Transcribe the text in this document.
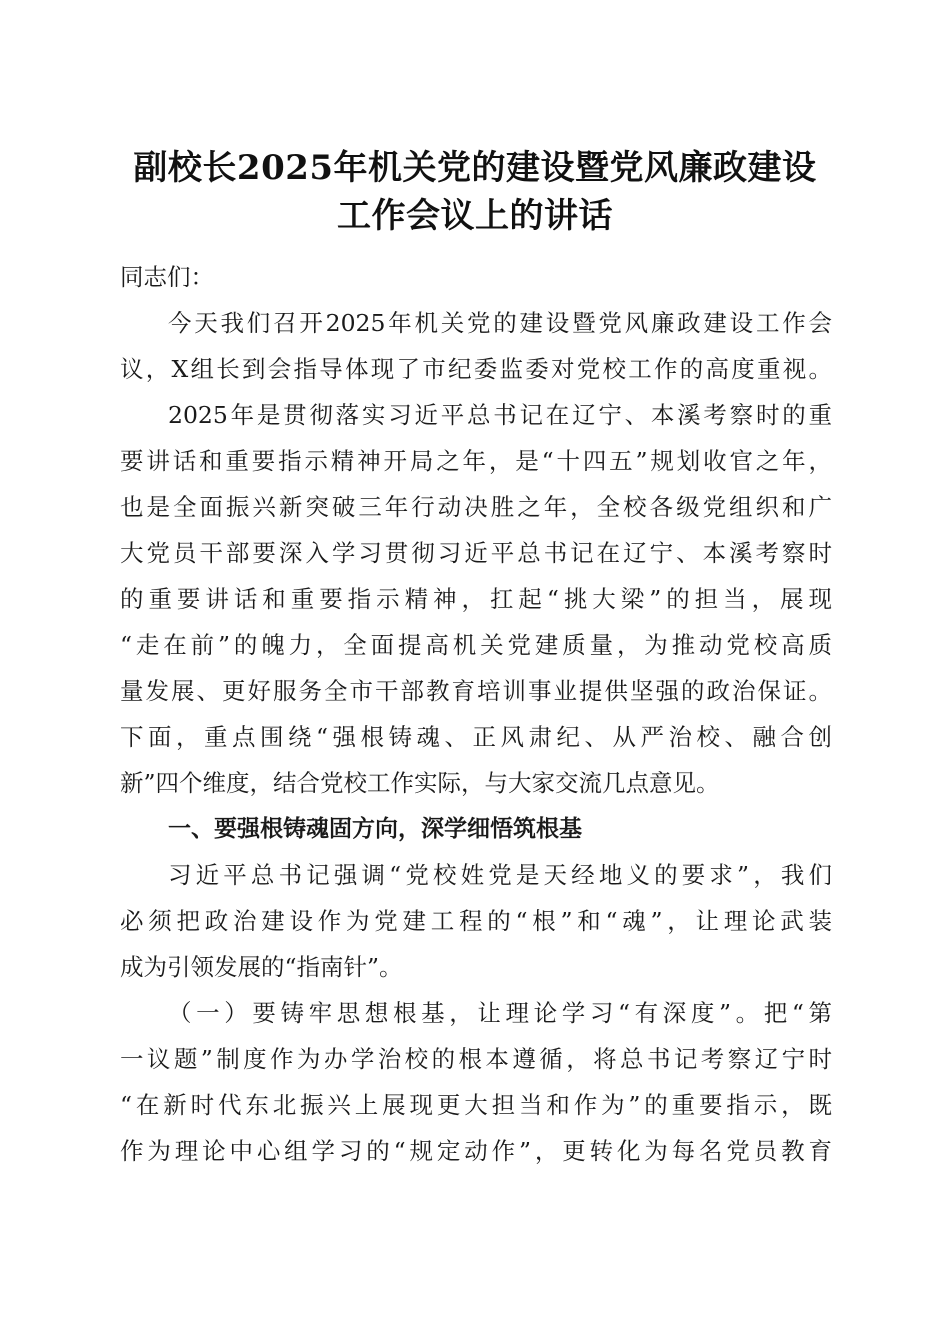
副校长2025年机关党的建设暨党风廉政建设
工作会议上的讲话
同志们：
今天我们召开2025年机关党的建设暨党风廉政建设工作会
议，X组长到会指导体现了市纪委监委对党校工作的高度重视。
2025年是贯彻落实习近平总书记在辽宁、本溪考察时的重
要讲话和重要指示精神开局之年，是“十四五”规划收官之年，
也是全面振兴新突破三年行动决胜之年，全校各级党组织和广
大党员干部要深入学习贯彻习近平总书记在辽宁、本溪考察时
的重要讲话和重要指示精神，扛起“挑大梁”的担当，展现
“走在前”的魄力，全面提高机关党建质量，为推动党校高质
量发展、更好服务全市干部教育培训事业提供坚强的政治保证。
下面，重点围绕“强根铸魂、正风肃纪、从严治校、融合创
新”四个维度，结合党校工作实际，与大家交流几点意见。
一、要强根铸魂固方向，深学细悟筑根基
习近平总书记强调“党校姓党是天经地义的要求”，我们
必须把政治建设作为党建工程的“根”和“魂”，让理论武装
成为引领发展的“指南针”。
（一）要铸牢思想根基，让理论学习“有深度”。把“第
一议题”制度作为办学治校的根本遵循，将总书记考察辽宁时
“在新时代东北振兴上展现更大担当和作为”的重要指示，既
作为理论中心组学习的“规定动作”，更转化为每名党员教育
